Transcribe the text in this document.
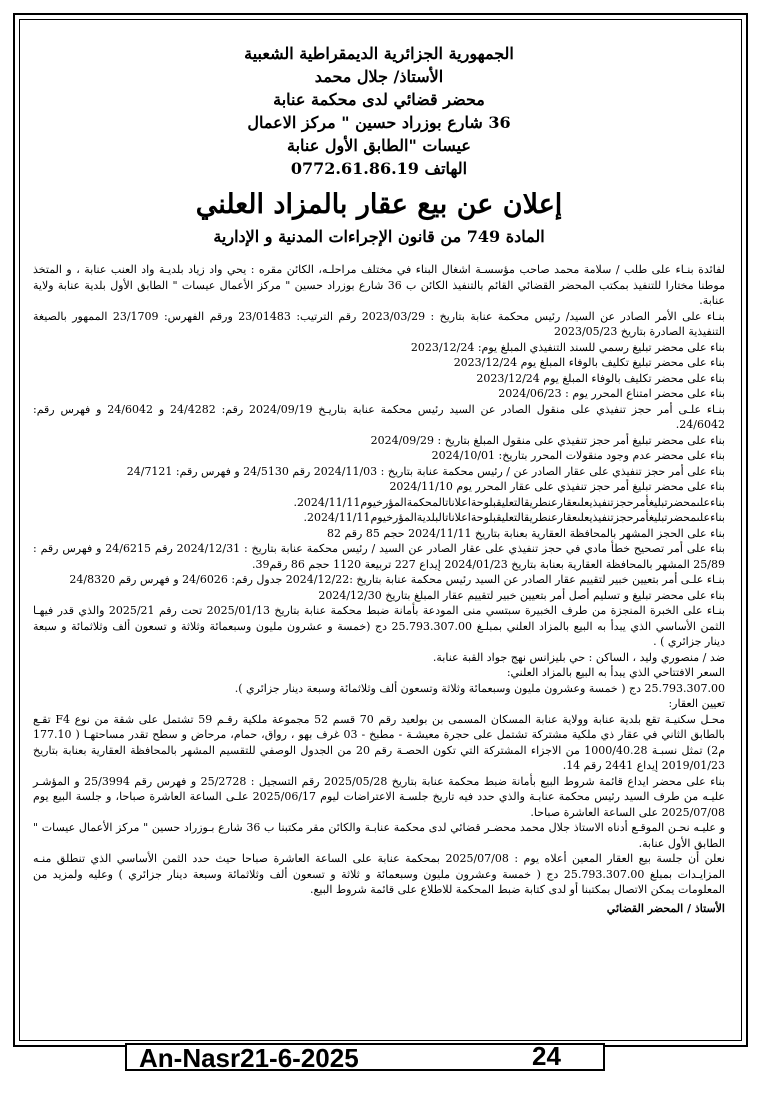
الجمهورية الجزائرية الديمقراطية الشعبية
الأستاذ/ جلال محمد
محضر قضائي لدى محكمة عنابة
36 شارع بوزراد حسين " مركز الاعمال
عيسات "الطابق الأول عنابة
الهاتف 0772.61.86.19
إعلان عن بيع عقار بالمزاد العلني
المادة 749 من قانون الإجراءات المدنية و الإدارية

لفائدة بنـاء على طلب / سلامة محمد صاحب مؤسسـة اشغال البناء في مختلف مراحلـه، الكائن مقره : يحي واد زياد بلديـة واد العنب عنابة ، و المتخذ موطنا مختارا للتنفيذ بمكتب المحضر القضائي القائم بالتنفيذ الكائن ب 36 شارع بوزراد حسين " مركز الأعمال عيسات " الطابق الأول بلدية عنابة ولاية عنابة.

بنـاء على الأمر الصادر عن السيد/ رئيس محكمة عنابة بتاريخ : 2023/03/29 رقم الترتيب: 23/01483 ورقم الفهرس: 23/1709 الممهور بالصيغة التنفيذية الصادرة بتاريخ 2023/05/23

بناء على محضر تبليغ رسمي للسند التنفيذي المبلغ يوم: 2023/12/24

بناء على محضر تبليغ تكليف بالوفاء المبلغ يوم 2023/12/24

بناء على محضر تكليف بالوفاء المبلغ يوم 2023/12/24

بناء على محضر امتناع المحرر يوم : 2024/06/23

بنـاء علـى أمر حجز تنفيذي على منقول الصادر عن السيد رئيس محكمة عنابة بتاريـخ 2024/09/19 رقم: 24/4282 و 24/6042 و فهرس رقم: 24/6042.

بناء على محضر تبليغ أمر حجز تنفيذي على منقول المبلغ بتاريخ : 2024/09/29

بناء على محضر عدم وجود منقولات المحرر بتاريخ: 2024/10/01

بناء على أمر حجز تنفيذي على عقار الصادر عن / رئيس محكمة عنابة بتاريخ : 2024/11/03 رقم 24/5130 و فهرس رقم: 24/7121

بناء على محضر تبليغ أمر حجز تنفيذي على عقار المحرر يوم 2024/11/10

بناءعلىمحضرتبليغأمرحجزتنفيذيعلىعقارعنطريقالتعليقبلوحةاعلاناتالمحكمةالمؤرخيوم2024/11/11.

بناءعلىمحضرتبليغأمرحجزتنفيذيعلىعقارعنطريقالتعليقبلوحةاعلاناتالبلديةالمؤرخيوم2024/11/11.

بناء على الحجز المشهر بالمحافظة العقارية بعنابة بتاريخ 2024/11/11 حجم 85 رقم 82

بناء على أمر تصحيح خطأ مادي في حجز تنفيذي على عقار الصادر عن السيد / رئيس محكمة عنابة بتاريخ : 2024/12/31 رقم 24/6215 و فهرس رقم : 25/89 المشهر بالمحافظة العقارية بعنابة بتاريخ 2024/01/23 إيداع 227 تربيعة 1120 حجم 86 رقم39.

بنـاء علـى أمر بتعيين خبير لتقييم عقار الصادر عن السيد رئيس محكمة عنابة بتاريخ :2024/12/22 جدول رقم: 24/6026 و فهرس رقم 24/8320

بناء على محضر تبليغ و تسليم أصل أمر بتعيين خبير لتقييم عقار المبلغ بتاريخ 2024/12/30

بنـاء على الخبرة المنجزة من طرف الخبيرة سبتسي منى المودعة بأمانة ضبط محكمة عنابة بتاريخ 2025/01/13 تحت رقم 2025/21 والذي قدر فيهـا الثمن الأساسي الذي يبدأ به البيع بالمزاد العلني بمبلـغ 25.793.307.00 دج (خمسة و عشرون مليون وسبعمائة وثلاثة و تسعون ألف وثلاثمائة و سبعة دينار جزائري ) .

ضد / منصوري وليد ، الساكن : حي بليزانس نهج جواد القبة عنابة.

السعر الافتتاحي الذي يبدأ به البيع بالمزاد العلني:

25.793.307.00 دج ( خمسة وعشرون مليون وسبعمائة وثلاثة وتسعون ألف وثلاثمائة وسبعة دينار جزائري ).

تعيين العقار:

محـل سكنيـة تقع بلدية عنابة وولاية عنابة المسكان المسمى بن بولعيد رقم 70 قسم 52 مجموعة ملكية رقـم 59 تشتمل على شقة من نوع F4 تقـع بالطابق الثاني في عقار ذي ملكية مشتركة تشتمل على حجرة معيشـة - مطبخ - 03 غرف بهو ، رواق، حمام، مرحاض و سطح تقدر مساحتهـا ( 177.10 م2) تمثل نسبـة 1000/40.28 من الاجزاء المشتركة التي تكون الحصـة رقم 20 من الجدول الوصفي للتقسيم المشهر بالمحافظة العقارية بعنابة بتاريخ 2019/01/23 إيداع 2441 رقم 14.

بناء على محضر ايداع قائمة شروط البيع بأمانة ضبط محكمة عنابة بتاريخ 2025/05/28 رقم التسجيل : 25/2728 و فهرس رقم 25/3994 و المؤشـر عليـه من طرف السيد رئيس محكمة عنابـة والذي حدد فيه تاريخ جلسـة الاعتراضات ليوم 2025/06/17 علـى الساعة العاشرة صباحا، و جلسة البيع يوم 2025/07/08 على الساعة العاشرة صباحا.

و عليـه نحـن الموقـع أدناه الاستاذ جلال محمد محضـر قضائي لدى محكمة عنابـة والكائن مقر مكتبنا ب 36 شارع بـوزراد حسين " مركز الأعمال عيسات " الطابق الأول عنابة.

نعلن أن جلسة بيع العقار المعين أعلاه يوم : 2025/07/08 بمحكمة عنابة على الساعة العاشرة صباحا حيث حدد الثمن الأساسي الذي تنطلق منـه المزايـدات بمبلغ 25.793.307.00 دج ( خمسة وعشرون مليون وسبعمائة و ثلاثة و تسعون ألف وثلاثمائة وسبعة دينار جزائري ) وعليه ولمزيد من المعلومات يمكن الاتصال بمكتبنا أو لدى كتابة ضبط المحكمة للاطلاع على قائمة شروط البيع.

الأستاذ / المحضر القضائي
An-Nasr21-6-2025	24
